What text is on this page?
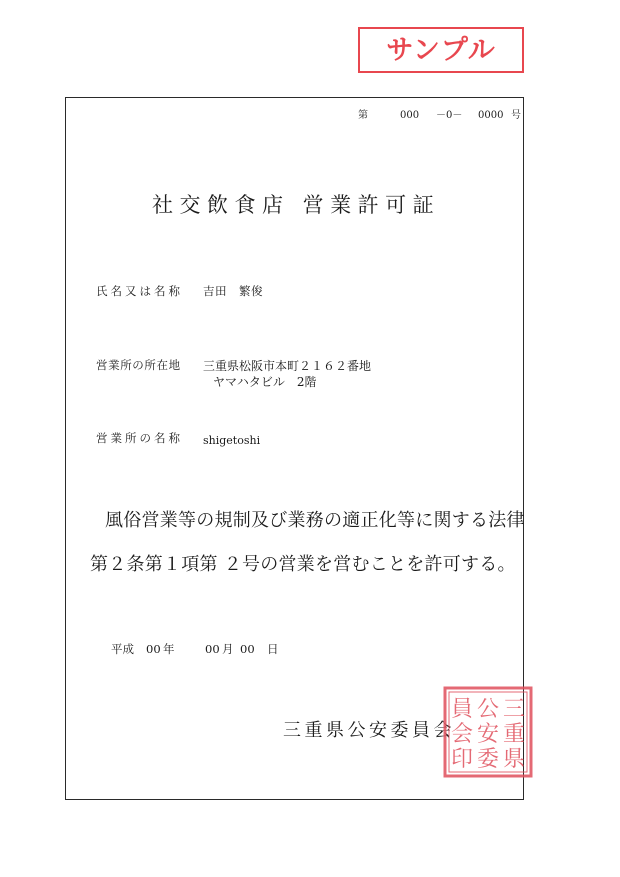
サンプル
第	000 －0－ 0000 号
社交飲食店 営業許可証
氏名又は名称 吉田　繁俊
営業所の所在地 三重県松阪市本町２１６２番地
ヤマハタビル　2階
営業所の名称 shigetoshi
風俗営業等の規制及び業務の適正化等に関する法律
第２条第１項第 ２号の営業を営むことを許可する。
平成 00 年	00 月 00 日
三重県公安委員会
三
重
県
公
安
委
員
会
印
